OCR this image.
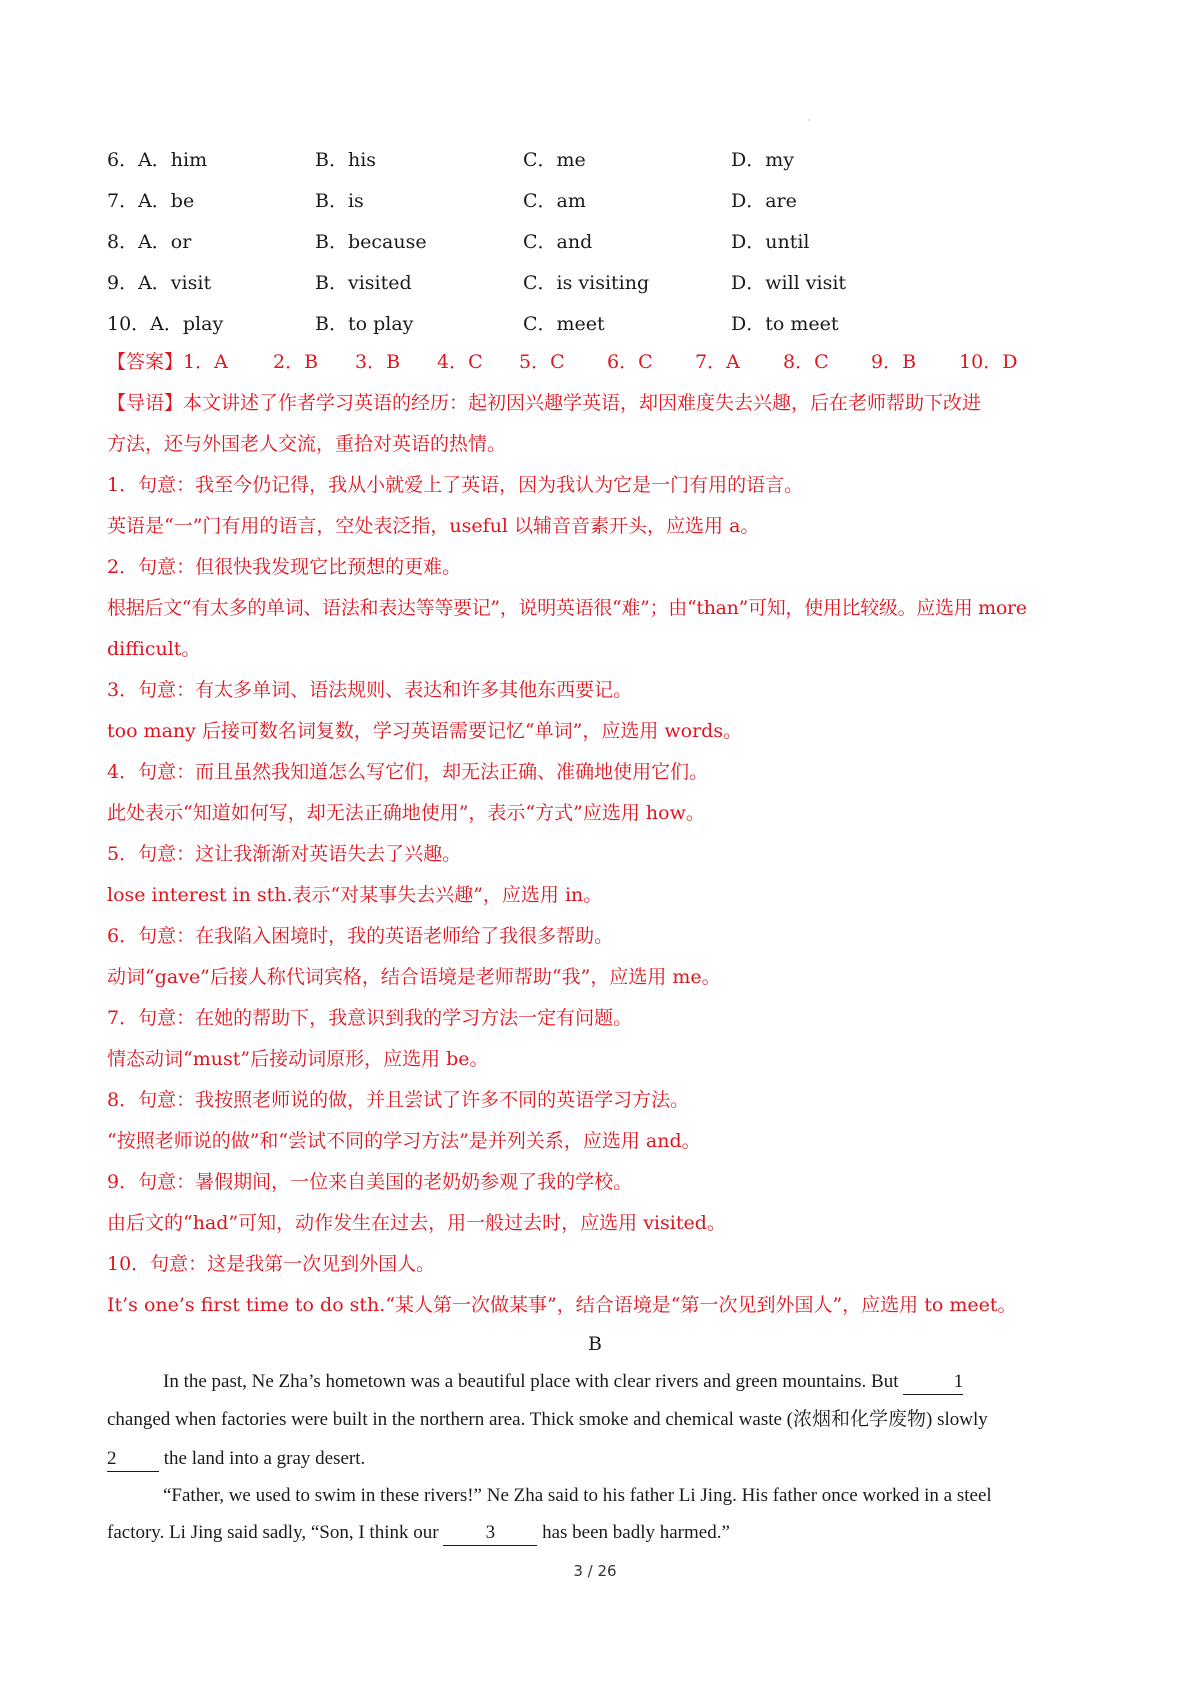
'
6．A．him	B．his	C．me	D．my
7．A．be	B．is	C．am	D．are
8．A．or	B．because	C．and	D．until
9．A．visit	B．visited	C．is visiting	D．will visit
10．A．play	B．to play	C．meet	D．to meet
【答案】1．A 2．B 3．B 4．C 5．C 6．C 7．A 8．C 9．B 10．D
【导语】本文讲述了作者学习英语的经历：起初因兴趣学英语，却因难度失去兴趣，后在老师帮助下改进
方法，还与外国老人交流，重拾对英语的热情。
1．句意：我至今仍记得，我从小就爱上了英语，因为我认为它是一门有用的语言。
英语是“一”门有用的语言，空处表泛指，useful 以辅音音素开头，应选用 a。
2．句意：但很快我发现它比预想的更难。
根据后文“有太多的单词、语法和表达等等要记”，说明英语很“难”；由“than”可知，使用比较级。应选用 more
difficult。
3．句意：有太多单词、语法规则、表达和许多其他东西要记。
too many 后接可数名词复数，学习英语需要记忆“单词”，应选用 words。
4．句意：而且虽然我知道怎么写它们，却无法正确、准确地使用它们。
此处表示“知道如何写，却无法正确地使用”，表示“方式”应选用 how。
5．句意：这让我渐渐对英语失去了兴趣。
lose interest in sth.表示“对某事失去兴趣”，应选用 in。
6．句意：在我陷入困境时，我的英语老师给了我很多帮助。
动词“gave”后接人称代词宾格，结合语境是老师帮助“我”，应选用 me。
7．句意：在她的帮助下，我意识到我的学习方法一定有问题。
情态动词“must”后接动词原形，应选用 be。
8．句意：我按照老师说的做，并且尝试了许多不同的英语学习方法。
“按照老师说的做”和“尝试不同的学习方法”是并列关系，应选用 and。
9．句意：暑假期间，一位来自美国的老奶奶参观了我的学校。
由后文的“had”可知，动作发生在过去，用一般过去时，应选用 visited。
10．句意：这是我第一次见到外国人。
It’s one’s first time to do sth.“某人第一次做某事”，结合语境是“第一次见到外国人”，应选用 to meet。
B
In the past, Ne Zha’s hometown was a beautiful place with clear rivers and green mountains. But	1
changed when factories were built in the northern area. Thick smoke and chemical waste (浓烟和化学废物) slowly
2 the land into a gray desert.
“Father, we used to swim in these rivers!” Ne Zha said to his father Li Jing. His father once worked in a steel
factory. Li Jing said sadly, “Son, I think our 3 has been badly harmed.”
3 / 26
